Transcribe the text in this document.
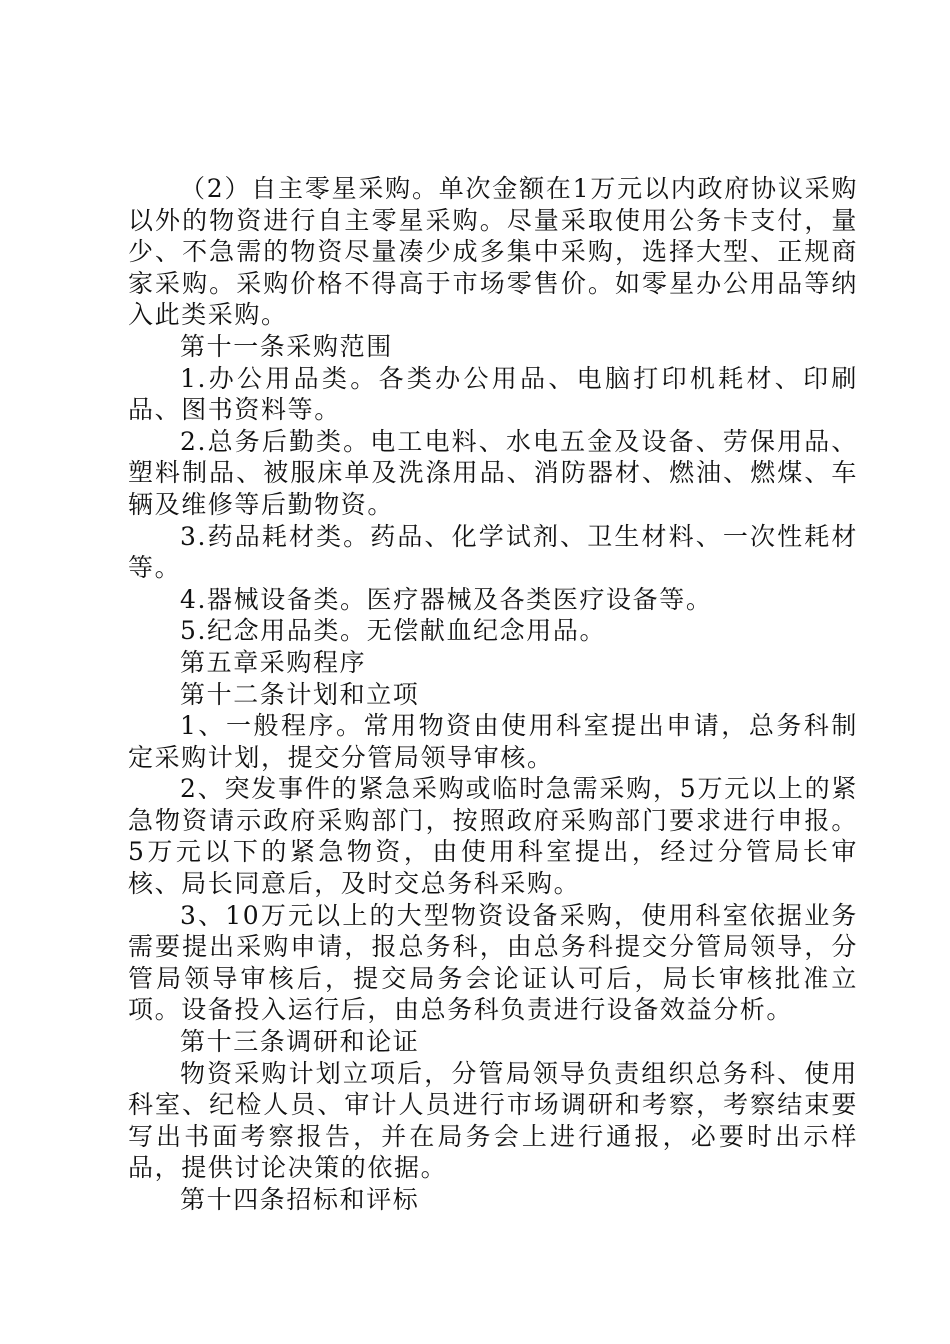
（2）自主零星采购。单次金额在1万元以内政府协议采购以外的物资进行自主零星采购。尽量采取使用公务卡支付，量少、不急需的物资尽量凑少成多集中采购，选择大型、正规商家采购。采购价格不得高于市场零售价。如零星办公用品等纳入此类采购。

第十一条采购范围

1.办公用品类。各类办公用品、电脑打印机耗材、印刷品、图书资料等。

2.总务后勤类。电工电料、水电五金及设备、劳保用品、塑料制品、被服床单及洗涤用品、消防器材、燃油、燃煤、车辆及维修等后勤物资。

3.药品耗材类。药品、化学试剂、卫生材料、一次性耗材等。

4.器械设备类。医疗器械及各类医疗设备等。

5.纪念用品类。无偿献血纪念用品。

第五章采购程序

第十二条计划和立项

1、一般程序。常用物资由使用科室提出申请，总务科制定采购计划，提交分管局领导审核。

2、突发事件的紧急采购或临时急需采购，5万元以上的紧急物资请示政府采购部门，按照政府采购部门要求进行申报。5万元以下的紧急物资，由使用科室提出，经过分管局长审核、局长同意后，及时交总务科采购。

3、10万元以上的大型物资设备采购，使用科室依据业务需要提出采购申请，报总务科，由总务科提交分管局领导，分管局领导审核后，提交局务会论证认可后，局长审核批准立项。设备投入运行后，由总务科负责进行设备效益分析。

第十三条调研和论证

物资采购计划立项后，分管局领导负责组织总务科、使用科室、纪检人员、审计人员进行市场调研和考察，考察结束要写出书面考察报告，并在局务会上进行通报，必要时出示样品，提供讨论决策的依据。

第十四条招标和评标
